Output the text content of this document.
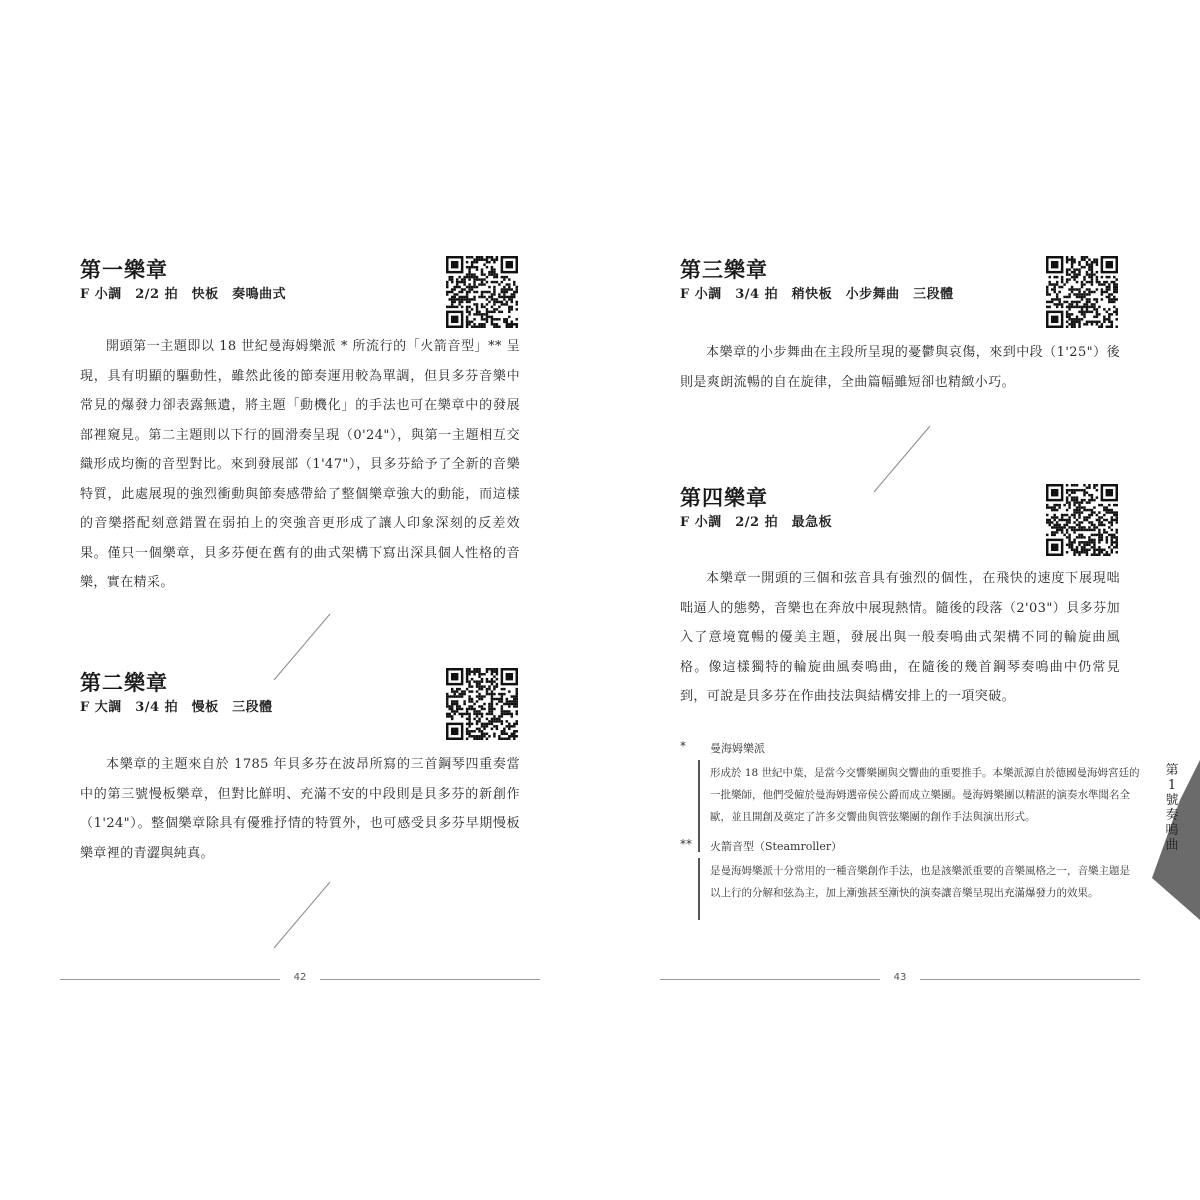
第一樂章
F 小調　2/2 拍　快板　奏鳴曲式

開頭第一主題即以 18 世紀曼海姆樂派 * 所流行的「火箭音型」** 呈現，具有明顯的驅動性，雖然此後的節奏運用較為單調，但貝多芬音樂中常見的爆發力卻表露無遺，將主題「動機化」的手法也可在樂章中的發展部裡窺見。第二主題則以下行的圓滑奏呈現（0'24"），與第一主題相互交織形成均衡的音型對比。來到發展部（1'47"），貝多芬給予了全新的音樂特質，此處展現的強烈衝動與節奏感帶給了整個樂章強大的動能，而這樣的音樂搭配刻意錯置在弱拍上的突強音更形成了讓人印象深刻的反差效果。僅只一個樂章，貝多芬便在舊有的曲式架構下寫出深具個人性格的音樂，實在精采。

第二樂章
F 大調　3/4 拍　慢板　三段體

本樂章的主題來自於 1785 年貝多芬在波昂所寫的三首鋼琴四重奏當中的第三號慢板樂章，但對比鮮明、充滿不安的中段則是貝多芬的新創作（1'24"）。整個樂章除具有優雅抒情的特質外，也可感受貝多芬早期慢板樂章裡的青澀與純真。

42
第三樂章
F 小調　3/4 拍　稍快板　小步舞曲　三段體

本樂章的小步舞曲在主段所呈現的憂鬱與哀傷，來到中段（1'25"）後則是爽朗流暢的自在旋律，全曲篇幅雖短卻也精緻小巧。

第四樂章
F 小調　2/2 拍　最急板

本樂章一開頭的三個和弦音具有強烈的個性，在飛快的速度下展現咄咄逼人的態勢，音樂也在奔放中展現熱情。隨後的段落（2'03"）貝多芬加入了意境寬暢的優美主題，發展出與一般奏鳴曲式架構不同的輪旋曲風格。像這樣獨特的輪旋曲風奏鳴曲，在隨後的幾首鋼琴奏鳴曲中仍常見到，可說是貝多芬在作曲技法與結構安排上的一項突破。

*	曼海姆樂派
形成於 18 世紀中葉，是當今交響樂團與交響曲的重要推手。本樂派源自於德國曼海姆宮廷的一批樂師，他們受僱於曼海姆選帝侯公爵而成立樂團。曼海姆樂團以精湛的演奏水準聞名全歐，並且開創及奠定了許多交響曲與管弦樂團的創作手法與演出形式。
** 火箭音型（Steamroller）
是曼海姆樂派十分常用的一種音樂創作手法，也是該樂派重要的音樂風格之一，音樂主題是以上行的分解和弦為主，加上漸強甚至漸快的演奏讓音樂呈現出充滿爆發力的效果。
43
第1號奏鳴曲
